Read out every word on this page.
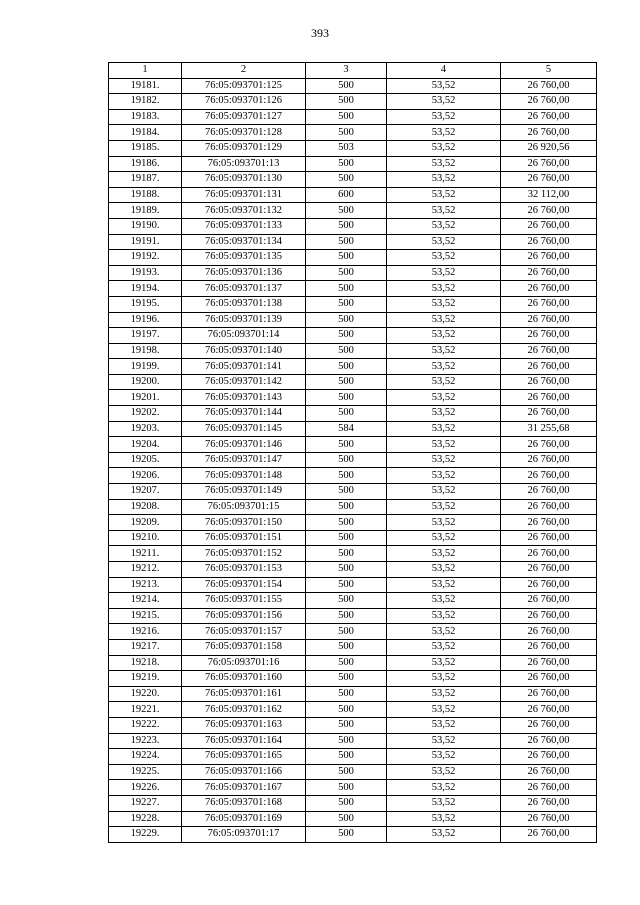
393
1	2	3	4	5
19181.	76:05:093701:125	500	53,52	26 760,00
19182.	76:05:093701:126	500	53,52	26 760,00
19183.	76:05:093701:127	500	53,52	26 760,00
19184.	76:05:093701:128	500	53,52	26 760,00
19185.	76:05:093701:129	503	53,52	26 920,56
19186.	76:05:093701:13	500	53,52	26 760,00
19187.	76:05:093701:130	500	53,52	26 760,00
19188.	76:05:093701:131	600	53,52	32 112,00
19189.	76:05:093701:132	500	53,52	26 760,00
19190.	76:05:093701:133	500	53,52	26 760,00
19191.	76:05:093701:134	500	53,52	26 760,00
19192.	76:05:093701:135	500	53,52	26 760,00
19193.	76:05:093701:136	500	53,52	26 760,00
19194.	76:05:093701:137	500	53,52	26 760,00
19195.	76:05:093701:138	500	53,52	26 760,00
19196.	76:05:093701:139	500	53,52	26 760,00
19197.	76:05:093701:14	500	53,52	26 760,00
19198.	76:05:093701:140	500	53,52	26 760,00
19199.	76:05:093701:141	500	53,52	26 760,00
19200.	76:05:093701:142	500	53,52	26 760,00
19201.	76:05:093701:143	500	53,52	26 760,00
19202.	76:05:093701:144	500	53,52	26 760,00
19203.	76:05:093701:145	584	53,52	31 255,68
19204.	76:05:093701:146	500	53,52	26 760,00
19205.	76:05:093701:147	500	53,52	26 760,00
19206.	76:05:093701:148	500	53,52	26 760,00
19207.	76:05:093701:149	500	53,52	26 760,00
19208.	76:05:093701:15	500	53,52	26 760,00
19209.	76:05:093701:150	500	53,52	26 760,00
19210.	76:05:093701:151	500	53,52	26 760,00
19211.	76:05:093701:152	500	53,52	26 760,00
19212.	76:05:093701:153	500	53,52	26 760,00
19213.	76:05:093701:154	500	53,52	26 760,00
19214.	76:05:093701:155	500	53,52	26 760,00
19215.	76:05:093701:156	500	53,52	26 760,00
19216.	76:05:093701:157	500	53,52	26 760,00
19217.	76:05:093701:158	500	53,52	26 760,00
19218.	76:05:093701:16	500	53,52	26 760,00
19219.	76:05:093701:160	500	53,52	26 760,00
19220.	76:05:093701:161	500	53,52	26 760,00
19221.	76:05:093701:162	500	53,52	26 760,00
19222.	76:05:093701:163	500	53,52	26 760,00
19223.	76:05:093701:164	500	53,52	26 760,00
19224.	76:05:093701:165	500	53,52	26 760,00
19225.	76:05:093701:166	500	53,52	26 760,00
19226.	76:05:093701:167	500	53,52	26 760,00
19227.	76:05:093701:168	500	53,52	26 760,00
19228.	76:05:093701:169	500	53,52	26 760,00
19229.	76:05:093701:17	500	53,52	26 760,00
